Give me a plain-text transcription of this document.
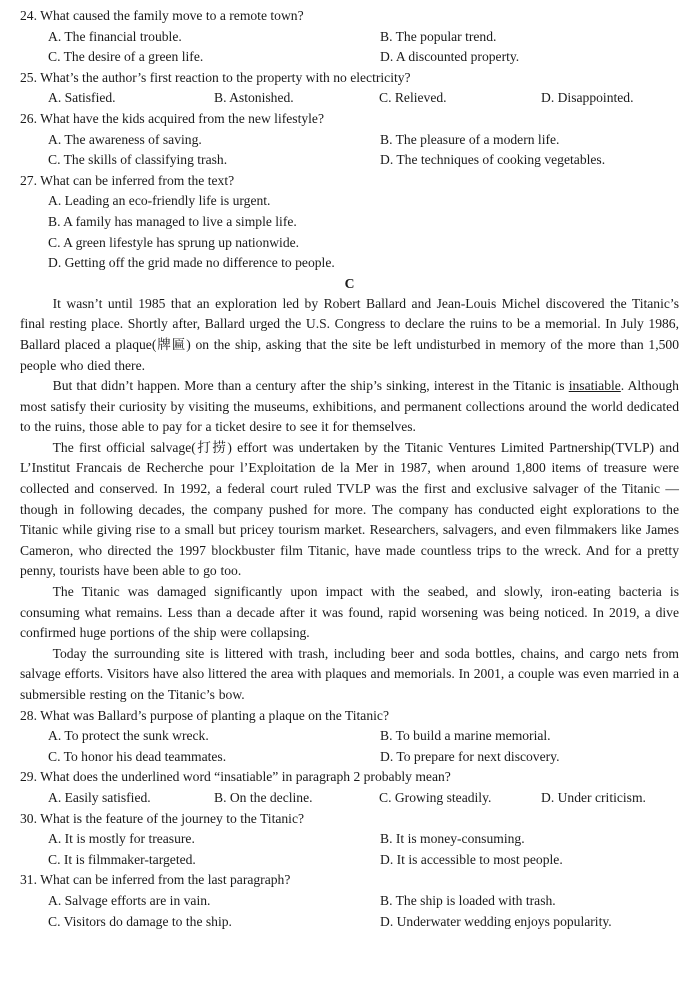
24. What caused the family move to a remote town?
A. The financial trouble.	B. The popular trend.
C. The desire of a green life.	D. A discounted property.
25. What’s the author’s first reaction to the property with no electricity?
A. Satisfied.	B. Astonished.	C. Relieved.	D. Disappointed.
26. What have the kids acquired from the new lifestyle?
A. The awareness of saving.	B. The pleasure of a modern life.
C. The skills of classifying trash.	D. The techniques of cooking vegetables.
27. What can be inferred from the text?
A. Leading an eco-friendly life is urgent.
B. A family has managed to live a simple life.
C. A green lifestyle has sprung up nationwide.
D. Getting off the grid made no difference to people.
C
It wasn’t until 1985 that an exploration led by Robert Ballard and Jean-Louis Michel discovered the Titanic’s final resting place. Shortly after, Ballard urged the U.S. Congress to declare the ruins to be a memorial. In July 1986, Ballard placed a plaque(牌匾) on the ship, asking that the site be left undisturbed in memory of the more than 1,500 people who died there.
But that didn’t happen. More than a century after the ship’s sinking, interest in the Titanic is insatiable. Although most satisfy their curiosity by visiting the museums, exhibitions, and permanent collections around the world dedicated to the ruins, those able to pay for a ticket desire to see it for themselves.
The first official salvage(打捞) effort was undertaken by the Titanic Ventures Limited Partnership(TVLP) and L’Institut Francais de Recherche pour l’Exploitation de la Mer in 1987, when around 1,800 items of treasure were collected and conserved. In 1992, a federal court ruled TVLP was the first and exclusive salvager of the Titanic — though in following decades, the company pushed for more. The company has conducted eight explorations to the Titanic while giving rise to a small but pricey tourism market. Researchers, salvagers, and even filmmakers like James Cameron, who directed the 1997 blockbuster film Titanic, have made countless trips to the wreck. And for a pretty penny, tourists have been able to go too.
The Titanic was damaged significantly upon impact with the seabed, and slowly, iron-eating bacteria is consuming what remains. Less than a decade after it was found, rapid worsening was being noticed. In 2019, a dive confirmed huge portions of the ship were collapsing.
Today the surrounding site is littered with trash, including beer and soda bottles, chains, and cargo nets from salvage efforts. Visitors have also littered the area with plaques and memorials. In 2001, a couple was even married in a submersible resting on the Titanic’s bow.
28. What was Ballard’s purpose of planting a plaque on the Titanic?
A. To protect the sunk wreck.	B. To build a marine memorial.
C. To honor his dead teammates.	D. To prepare for next discovery.
29. What does the underlined word “insatiable” in paragraph 2 probably mean?
A. Easily satisfied.	B. On the decline.	C. Growing steadily.	D. Under criticism.
30. What is the feature of the journey to the Titanic?
A. It is mostly for treasure.	B. It is money-consuming.
C. It is filmmaker-targeted.	D. It is accessible to most people.
31. What can be inferred from the last paragraph?
A. Salvage efforts are in vain.	B. The ship is loaded with trash.
C. Visitors do damage to the ship.	D. Underwater wedding enjoys popularity.
